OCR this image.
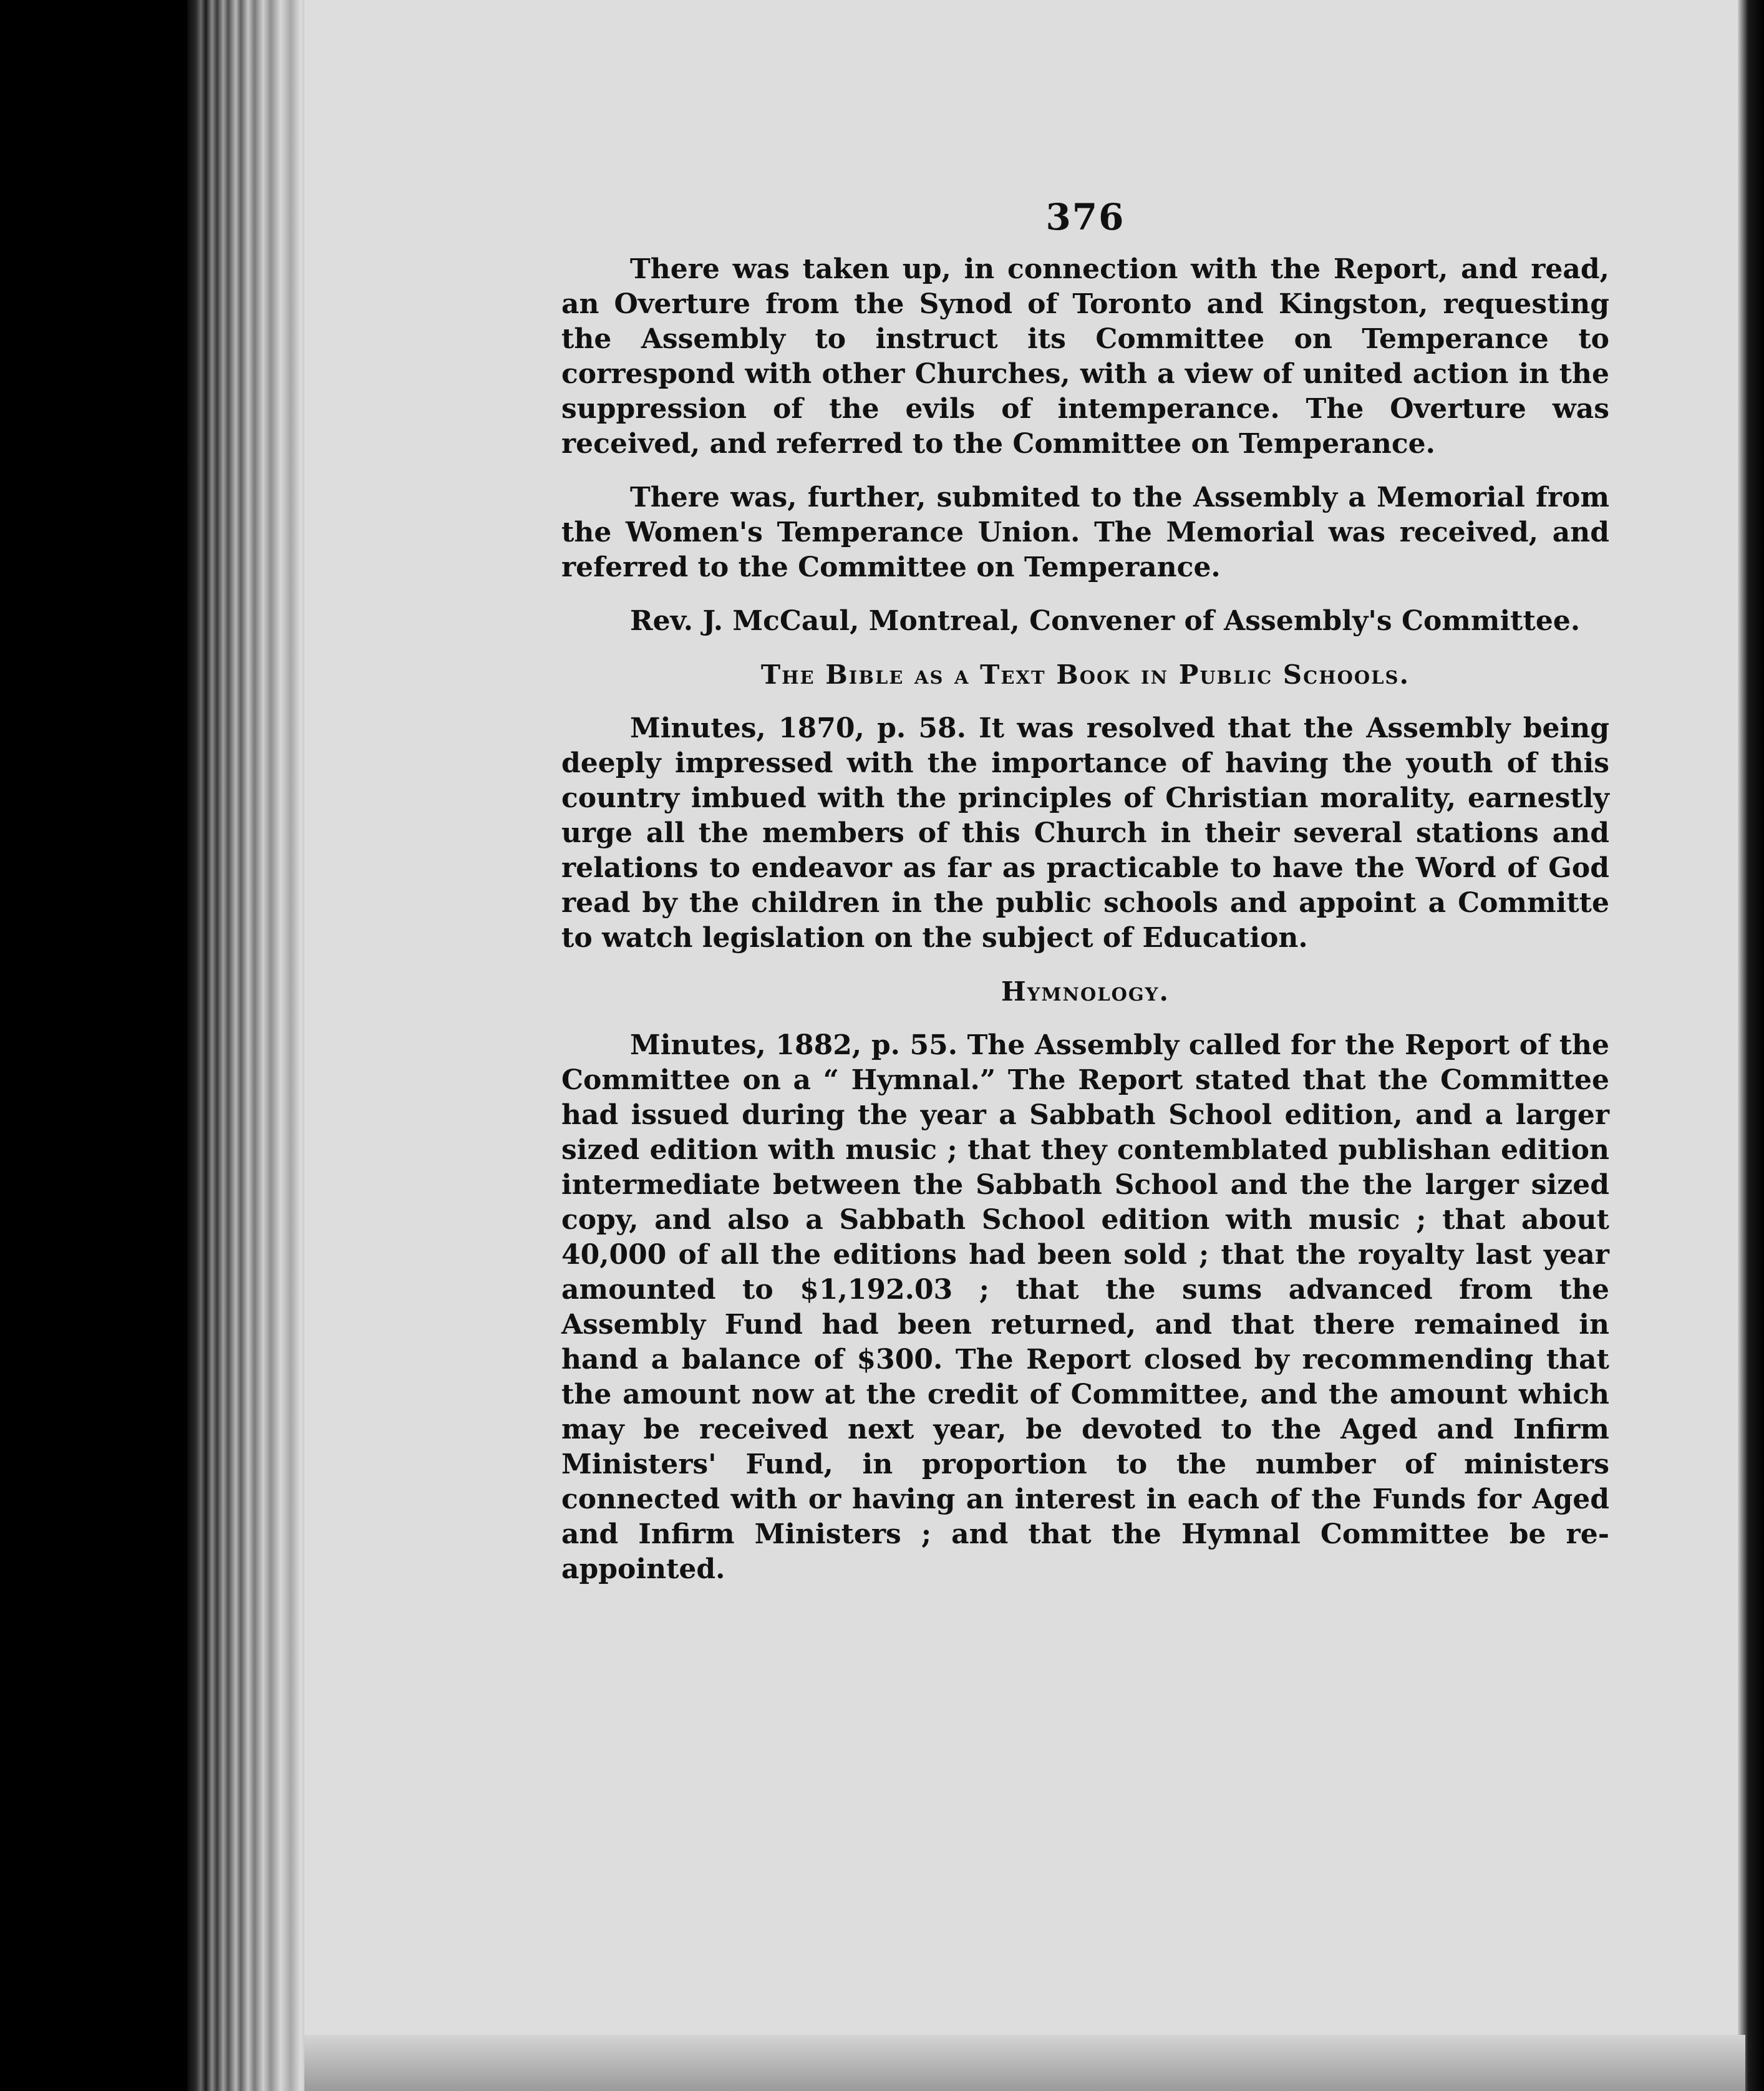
376

There was taken up, in connection with the Report, and read, an Overture from the Synod of Toronto and Kingston, requesting the Assembly to instruct its Committee on Temperance to correspond with other Churches, with a view of united action in the suppression of the evils of intemperance. The Overture was received, and referred to the Committee on Temperance.

There was, further, submited to the Assembly a Memorial from the Women's Temperance Union. The Memorial was received, and referred to the Committee on Temperance.

Rev. J. McCaul, Montreal, Convener of Assembly's Committee.

The Bible as a Text Book in Public Schools.

Minutes, 1870, p. 58. It was resolved that the Assembly being deeply impressed with the importance of having the youth of this country imbued with the principles of Christian morality, earnestly urge all the members of this Church in their several stations and relations to endeavor as far as practicable to have the Word of God read by the children in the public schools and appoint a Committe to watch legislation on the subject of Education.

Hymnology.

Minutes, 1882, p. 55. The Assembly called for the Report of the Committee on a “ Hymnal.” The Report stated that the Committee had issued during the year a Sabbath School edition, and a larger sized edition with music ; that they contemblated publishan edition intermediate between the Sabbath School and the the larger sized copy, and also a Sabbath School edition with music ; that about 40,000 of all the editions had been sold ; that the royalty last year amounted to $1,192.03 ; that the sums advanced from the Assembly Fund had been returned, and that there remained in hand a balance of $300. The Report closed by recommending that the amount now at the credit of Committee, and the amount which may be received next year, be devoted to the Aged and Infirm Ministers' Fund, in proportion to the number of ministers connected with or having an interest in each of the Funds for Aged and Infirm Ministers ; and that the Hymnal Committee be re-appointed.
